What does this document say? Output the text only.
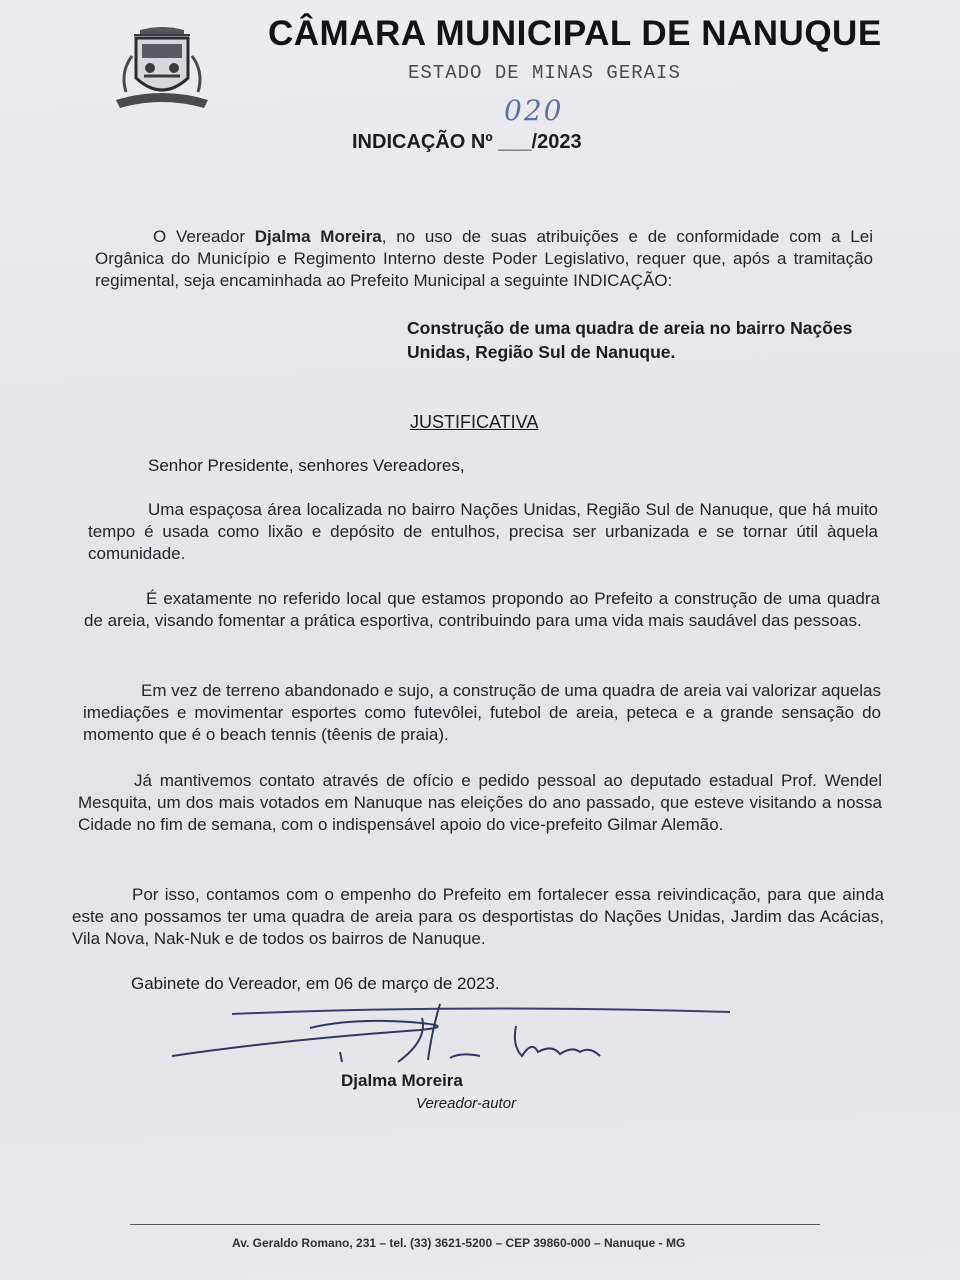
CÂMARA MUNICIPAL DE NANUQUE
ESTADO DE MINAS GERAIS
020
INDICAÇÃO Nº ___/2023
O Vereador Djalma Moreira, no uso de suas atribuições e de conformidade com a Lei Orgânica do Município e Regimento Interno deste Poder Legislativo, requer que, após a tramitação regimental, seja encaminhada ao Prefeito Municipal a seguinte INDICAÇÃO:
Construção de uma quadra de areia no bairro Nações Unidas, Região Sul de Nanuque.
JUSTIFICATIVA
Senhor Presidente, senhores Vereadores,
Uma espaçosa área localizada no bairro Nações Unidas, Região Sul de Nanuque, que há muito tempo é usada como lixão e depósito de entulhos, precisa ser urbanizada e se tornar útil àquela comunidade.
É exatamente no referido local que estamos propondo ao Prefeito a construção de uma quadra de areia, visando fomentar a prática esportiva, contribuindo para uma vida mais saudável das pessoas.
Em vez de terreno abandonado e sujo, a construção de uma quadra de areia vai valorizar aquelas imediações e movimentar esportes como futevôlei, futebol de areia, peteca e a grande sensação do momento que é o beach tennis (têenis de praia).
Já mantivemos contato através de ofício e pedido pessoal ao deputado estadual Prof. Wendel Mesquita, um dos mais votados em Nanuque nas eleições do ano passado, que esteve visitando a nossa Cidade no fim de semana, com o indispensável apoio do vice-prefeito Gilmar Alemão.
Por isso, contamos com o empenho do Prefeito em fortalecer essa reivindicação, para que ainda este ano possamos ter uma quadra de areia para os desportistas do Nações Unidas, Jardim das Acácias, Vila Nova, Nak-Nuk e de todos os bairros de Nanuque.
Gabinete do Vereador, em 06 de março de 2023.
Djalma Moreira
Vereador-autor
Av. Geraldo Romano, 231 – tel. (33) 3621-5200 – CEP 39860-000 – Nanuque - MG
